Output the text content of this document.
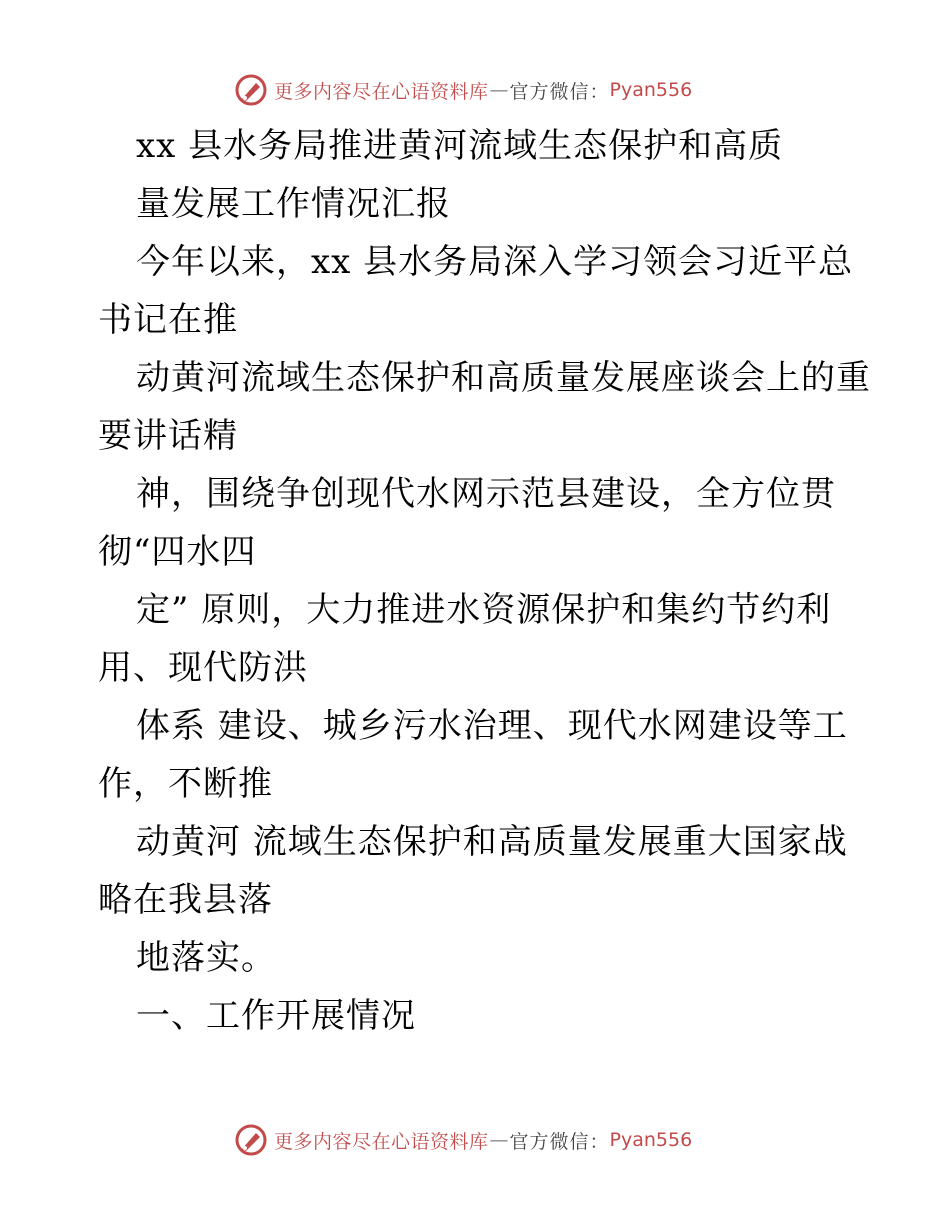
更多内容尽在心语资料库 — 官方微信： Pyan556
xx 县水务局推进黄河流域生态保护和高质
量发展工作情况汇报
今年以来，xx 县水务局深入学习领会习近平总
书记在推
动黄河流域生态保护和高质量发展座谈会上的重
要讲话精
神，围绕争创现代水网示范县建设，全方位贯
彻“四水四
定” 原则，大力推进水资源保护和集约节约利
用、现代防洪
体系 建设、城乡污水治理、现代水网建设等工
作，不断推
动黄河 流域生态保护和高质量发展重大国家战
略在我县落
地落实。
一、工作开展情况
更多内容尽在心语资料库 — 官方微信： Pyan556
